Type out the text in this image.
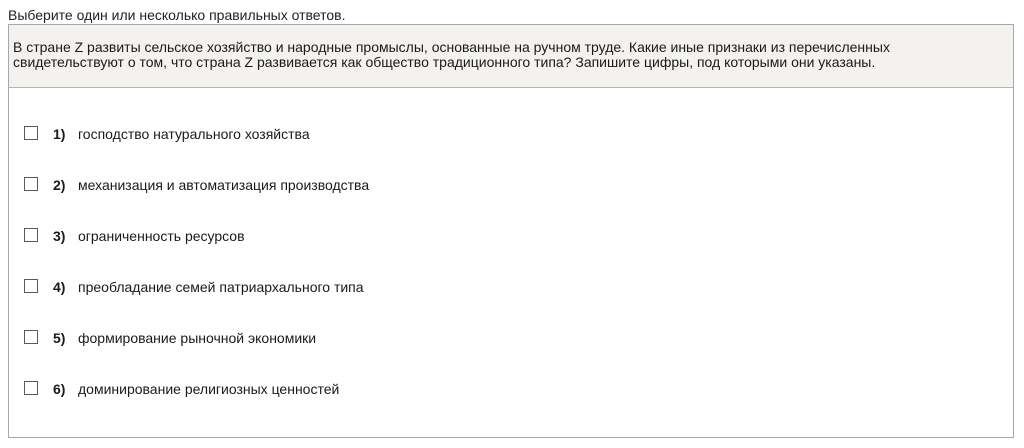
Выберите один или несколько правильных ответов.
В стране Z развиты сельское хозяйство и народные промыслы, основанные на ручном труде. Какие иные признаки из перечисленных
свидетельствуют о том, что страна Z развивается как общество традиционного типа? Запишите цифры, под которыми они указаны.
1) господство натурального хозяйства
2) механизация и автоматизация производства
3) ограниченность ресурсов
4) преобладание семей патриархального типа
5) формирование рыночной экономики
6) доминирование религиозных ценностей
